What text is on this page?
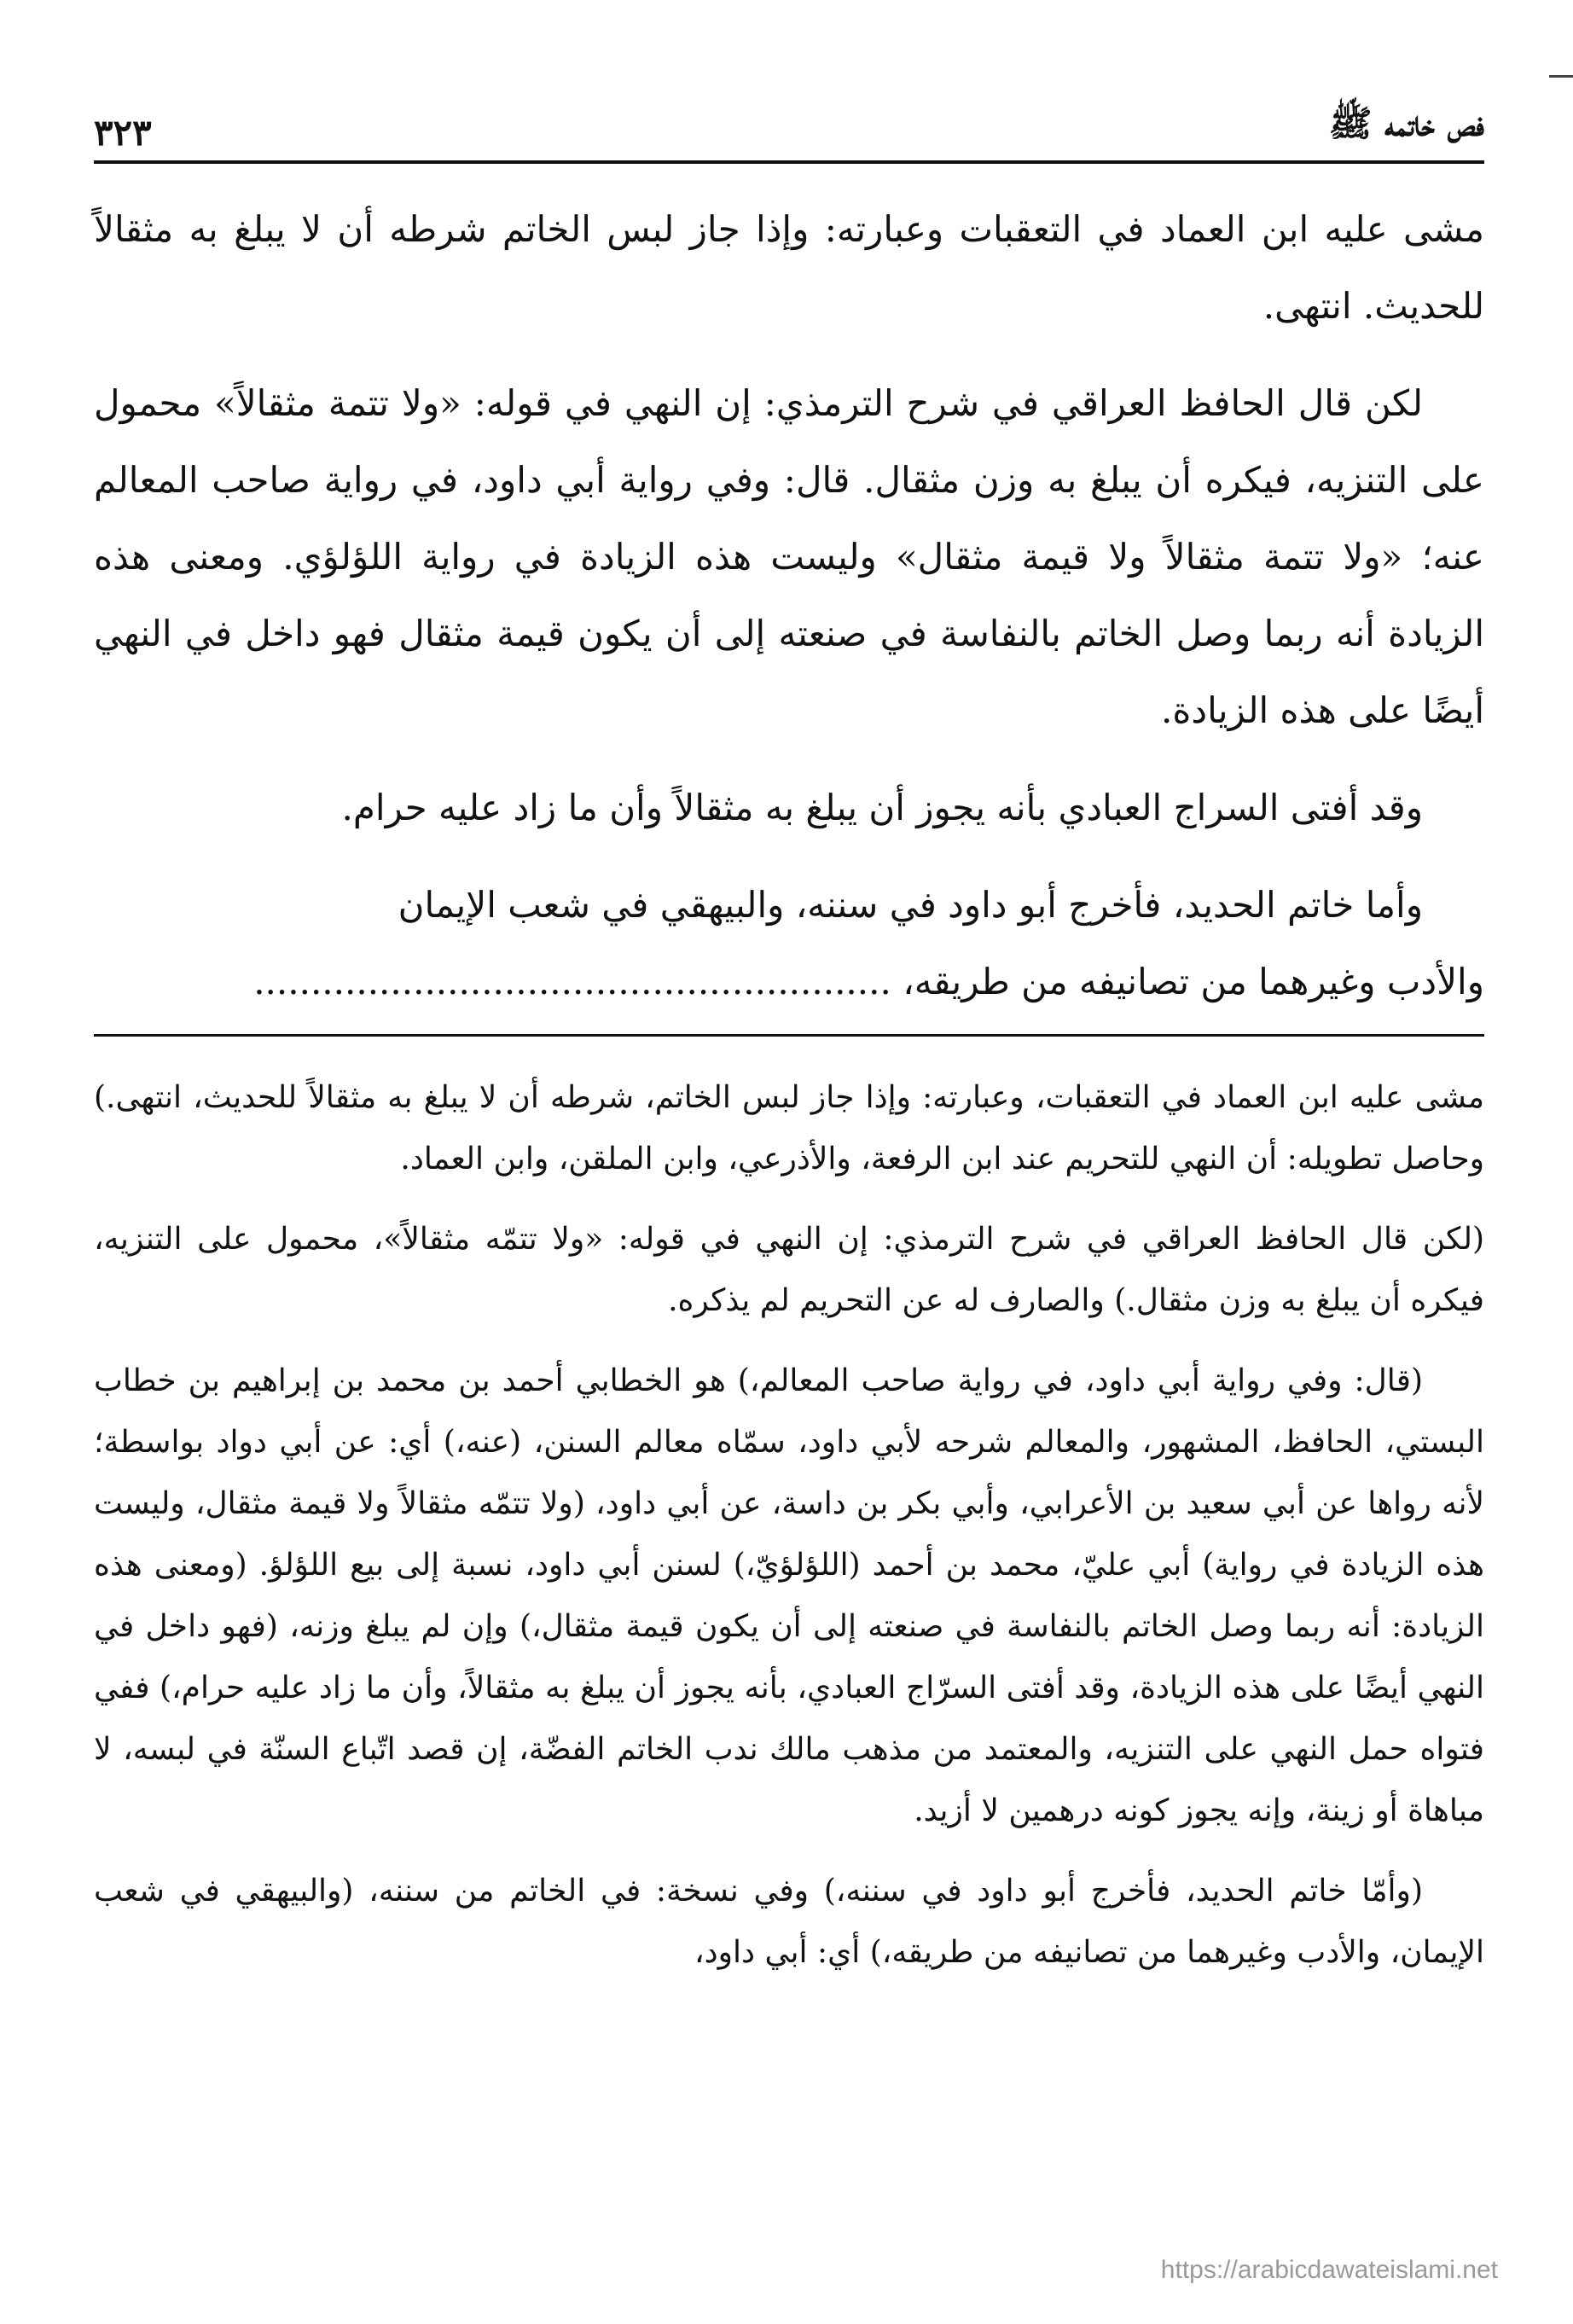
فص خاتمه ﷺ
٣٢٣

مشى عليه ابن العماد في التعقبات وعبارته: وإذا جاز لبس الخاتم شرطه أن لا يبلغ به مثقالاً للحديث. انتهى.

لكن قال الحافظ العراقي في شرح الترمذي: إن النهي في قوله: «ولا تتمة مثقالاً» محمول على التنزيه، فيكره أن يبلغ به وزن مثقال. قال: وفي رواية أبي داود، في رواية صاحب المعالم عنه؛ «ولا تتمة مثقالاً ولا قيمة مثقال» وليست هذه الزيادة في رواية اللؤلؤي. ومعنى هذه الزيادة أنه ربما وصل الخاتم بالنفاسة في صنعته إلى أن يكون قيمة مثقال فهو داخل في النهي أيضًا على هذه الزيادة.

وقد أفتى السراج العبادي بأنه يجوز أن يبلغ به مثقالاً وأن ما زاد عليه حرام.

وأما خاتم الحديد، فأخرج أبو داود في سننه، والبيهقي في شعب الإيمان

والأدب وغيرهما من تصانيفه من طريقه، ........................................................

مشى عليه ابن العماد في التعقبات، وعبارته: وإذا جاز لبس الخاتم، شرطه أن لا يبلغ به مثقالاً للحديث، انتهى.) وحاصل تطويله: أن النهي للتحريم عند ابن الرفعة، والأذرعي، وابن الملقن، وابن العماد.

(لكن قال الحافظ العراقي في شرح الترمذي: إن النهي في قوله: «ولا تتمّه مثقالاً»، محمول على التنزيه، فيكره أن يبلغ به وزن مثقال.) والصارف له عن التحريم لم يذكره.

(قال: وفي رواية أبي داود، في رواية صاحب المعالم،) هو الخطابي أحمد بن محمد بن إبراهيم بن خطاب البستي، الحافظ، المشهور، والمعالم شرحه لأبي داود، سمّاه معالم السنن، (عنه،) أي: عن أبي دواد بواسطة؛ لأنه رواها عن أبي سعيد بن الأعرابي، وأبي بكر بن داسة، عن أبي داود، (ولا تتمّه مثقالاً ولا قيمة مثقال، وليست هذه الزيادة في رواية) أبي عليّ، محمد بن أحمد (اللؤلؤيّ،) لسنن أبي داود، نسبة إلى بيع اللؤلؤ. (ومعنى هذه الزيادة: أنه ربما وصل الخاتم بالنفاسة في صنعته إلى أن يكون قيمة مثقال،) وإن لم يبلغ وزنه، (فهو داخل في النهي أيضًا على هذه الزيادة، وقد أفتى السرّاج العبادي، بأنه يجوز أن يبلغ به مثقالاً، وأن ما زاد عليه حرام،) ففي فتواه حمل النهي على التنزيه، والمعتمد من مذهب مالك ندب الخاتم الفضّة، إن قصد اتّباع السنّة في لبسه، لا مباهاة أو زينة، وإنه يجوز كونه درهمين لا أزيد.

(وأمّا خاتم الحديد، فأخرج أبو داود في سننه،) وفي نسخة: في الخاتم من سننه، (والبيهقي في شعب الإيمان، والأدب وغيرهما من تصانيفه من طريقه،) أي: أبي داود،

https://arabicdawateislami.net
